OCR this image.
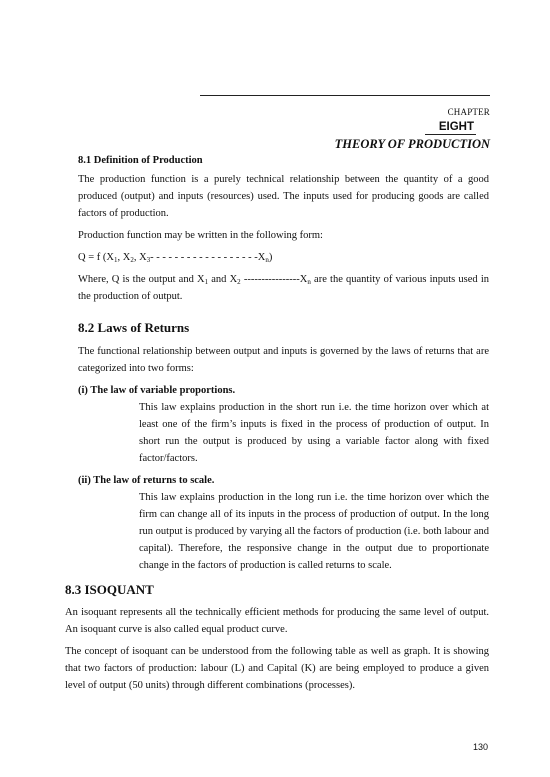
CHAPTER
EIGHT
THEORY OF PRODUCTION
8.1 Definition of Production

The production function is a purely technical relationship between the quantity of a good produced (output) and inputs (resources) used. The inputs used for producing goods are called factors of production.

Production function may be written in the following form:

Q = f ($X_1$, $X_2$, $X_3-$ - - - - - - - - - - - - - - - - $-X_n$)

Where, Q is the output and $X_1$ and $X_2$ $----------------X_n$ are the quantity of various inputs used in the production of output.

8.2 Laws of Returns

The functional relationship between output and inputs is governed by the laws of returns that are categorized into two forms:

(i) The law of variable proportions.

This law explains production in the short run i.e. the time horizon over which at least one of the firm’s inputs is fixed in the process of production of output. In short run the output is produced by using a variable factor along with fixed factor/factors.

(ii) The law of returns to scale.

This law explains production in the long run i.e. the time horizon over which the firm can change all of its inputs in the process of production of output. In the long run output is produced by varying all the factors of production (i.e. both labour and capital). Therefore, the responsive change in the output due to proportionate change in the factors of production is called returns to scale.

8.3 ISOQUANT

An isoquant represents all the technically efficient methods for producing the same level of output. An isoquant curve is also called equal product curve.

The concept of isoquant can be understood from the following table as well as graph. It is showing that two factors of production: labour (L) and Capital (K) are being employed to produce a given level of output (50 units) through different combinations (processes).

130
